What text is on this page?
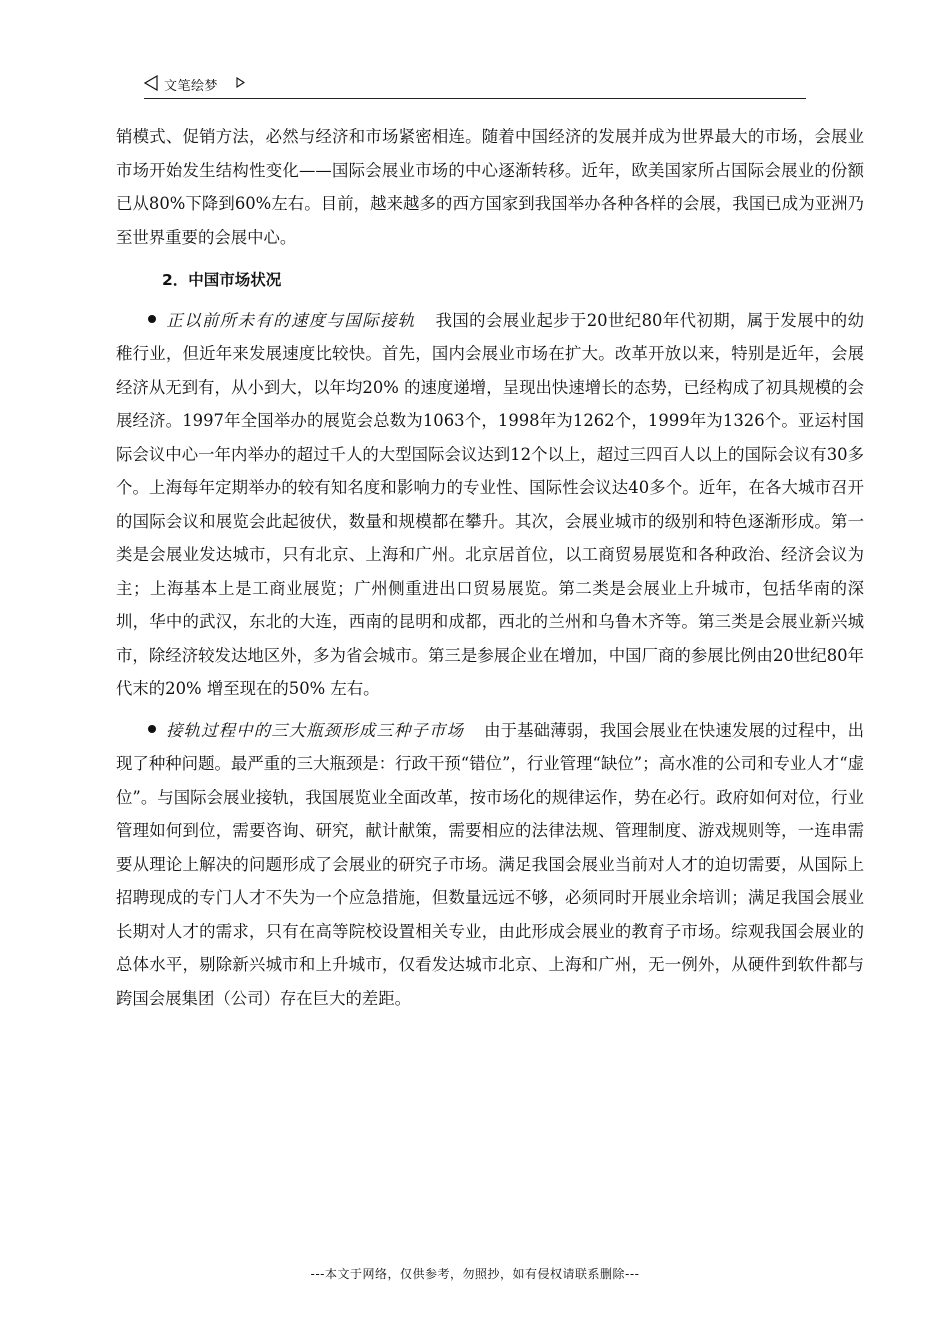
文笔绘梦

销模式、促销方法，必然与经济和市场紧密相连。随着中国经济的发展并成为世界最大的市场，会展业市场开始发生结构性变化——国际会展业市场的中心逐渐转移。近年，欧美国家所占国际会展业的份额已从80%下降到60%左右。目前，越来越多的西方国家到我国举办各种各样的会展，我国已成为亚洲乃至世界重要的会展中心。

2．中国市场状况

正以前所未有的速度与国际接轨 我国的会展业起步于20世纪80年代初期，属于发展中的幼稚行业，但近年来发展速度比较快。首先，国内会展业市场在扩大。改革开放以来，特别是近年，会展经济从无到有，从小到大，以年均20% 的速度递增，呈现出快速增长的态势，已经构成了初具规模的会展经济。1997年全国举办的展览会总数为1063个，1998年为1262个，1999年为1326个。亚运村国际会议中心一年内举办的超过千人的大型国际会议达到12个以上，超过三四百人以上的国际会议有30多个。上海每年定期举办的较有知名度和影响力的专业性、国际性会议达40多个。近年，在各大城市召开的国际会议和展览会此起彼伏，数量和规模都在攀升。其次，会展业城市的级别和特色逐渐形成。第一类是会展业发达城市，只有北京、上海和广州。北京居首位，以工商贸易展览和各种政治、经济会议为主；上海基本上是工商业展览；广州侧重进出口贸易展览。第二类是会展业上升城市，包括华南的深圳，华中的武汉，东北的大连，西南的昆明和成都，西北的兰州和乌鲁木齐等。第三类是会展业新兴城市，除经济较发达地区外，多为省会城市。第三是参展企业在增加，中国厂商的参展比例由20世纪80年代末的20% 增至现在的50% 左右。

接轨过程中的三大瓶颈形成三种子市场 由于基础薄弱，我国会展业在快速发展的过程中，出现了种种问题。最严重的三大瓶颈是：行政干预“错位”，行业管理“缺位”；高水准的公司和专业人才“虚位”。与国际会展业接轨，我国展览业全面改革，按市场化的规律运作，势在必行。政府如何对位，行业管理如何到位，需要咨询、研究，献计献策，需要相应的法律法规、管理制度、游戏规则等，一连串需要从理论上解决的问题形成了会展业的研究子市场。满足我国会展业当前对人才的迫切需要，从国际上招聘现成的专门人才不失为一个应急措施，但数量远远不够，必须同时开展业余培训；满足我国会展业长期对人才的需求，只有在高等院校设置相关专业，由此形成会展业的教育子市场。综观我国会展业的总体水平，剔除新兴城市和上升城市，仅看发达城市北京、上海和广州，无一例外，从硬件到软件都与跨国会展集团（公司）存在巨大的差距。

---本文于网络，仅供参考，勿照抄，如有侵权请联系删除---
